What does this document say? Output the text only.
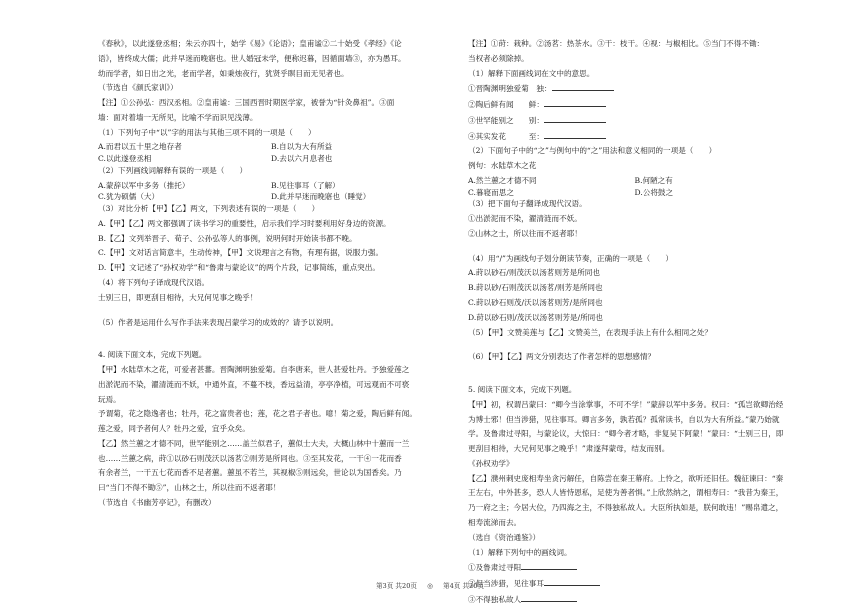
《春秋》，以此遂登丞相；朱云亦四十，始学《易》《论语》；皇甫谧②二十始受《孝经》《论

语》，皆终成大儒；此并早迷而晚寤也。世人婚冠未学，便称迟暮，因循面墙③，亦为愚耳。

幼而学者，如日出之光，老而学者，如秉烛夜行，犹贤乎瞑目而无见者也。

（节选自《颜氏家训》）

【注】①公孙弘：西汉丞相。②皇甫谧：三国西晋时期医学家，被誉为“针灸鼻祖”。③面

墙：面对着墙一无所见，比喻不学而识见浅薄。

（1）下列句子中“以”字的用法与其他三项不同的一项是（　　）

A.而君以五十里之地存者	B.自以为大有所益
C.以此遂登丞相	D.去以六月息者也

（2）下列画线词解释有误的一项是（　　）

A.蒙辞以军中多务（推托）	B.见往事耳（了解）
C.犹为硕儒（大）	D.此并早迷而晚寤也（睡觉）

（3）对比分析【甲】【乙】两文，下列表述有误的一项是（　　）

A.【甲】【乙】两文都强调了读书学习的重要性，启示我们学习时要利用好身边的资源。

B.【乙】文列举晋子、荀子、公孙弘等人的事例，说明何时开始读书都不晚。

C.【甲】文对话言简意丰，生动传神，【甲】文说理言之有物，有理有据，说服力强。

D.【甲】文记述了“孙权劝学”和“鲁肃与蒙论议”的两个片段，记事简练，重点突出。

（4）将下列句子译成现代汉语。

士别三日，即更刮目相待，大兄何见事之晚乎！

（5）作者是运用什么写作手法来表现吕蒙学习的成效的？请予以说明。

4. 阅读下面文本，完成下列题。

【甲】水陆草木之花，可爱者甚蕃。晋陶渊明独爱菊。自李唐来，世人甚爱牡丹。予独爱莲之

出淤泥而不染，濯清涟而不妖，中通外直，不蔓不枝，香远益清，亭亭净植，可远观而不可亵

玩焉。

予谓菊，花之隐逸者也；牡丹，花之富贵者也；莲，花之君子者也。噫！菊之爱，陶后鲜有闻。

莲之爱，同予者何人？牡丹之爱，宜乎众矣。

【乙】然兰蕙之才德不同，世罕能别之……盖兰似君子，蕙似士大夫，大概山林中十蕙而一兰

也……兰蕙之病，莳①以砂石则茂沃以汤茗②则芳是所同也。③至其发花，一干④一花而香

有余者兰，一干五七花而香不足者蕙。蕙虽不若兰，其视椒⑤则远矣，世论以为国香矣。乃

曰“当门不得不锄⑤”，山林之士，所以往而不返者耶！

（节选自《书幽芳亭记》，有删改）

【注】①莳：栽种。②汤茗：热茶水。③干：枝干。④视：与椒相比。⑤当门不得不锄：

当权者必须除掉。

（1）解释下面画线词在文中的意思。

①晋陶渊明独爱菊　独：

②陶后鲜有闻　　鲜：

③世罕能别之　　别：

④其实发花　　　至：

（2）下面句子中的“之”与例句中的“之”用法和意义相同的一项是（　　）

例句：水陆草木之花

A.然兰蕙之才德不同	B.何陋之有
C.暮寝而思之	D.公将鼓之

（3）把下面句子翻译成现代汉语。

①出淤泥而不染，濯清涟而不妖。

②山林之士，所以往而不返者耶！

（4）用“/”为画线句子划分朗读节奏，正确的一项是（　　）

A.莳以砂石/则茂沃以汤茗则芳是所同也

B.莳以砂/石则茂沃以汤茗/则芳是所同也

C.莳以砂石则茂/沃以汤茗则芳/是所同也

D.莳以砂石则/茂沃以汤茗则芳是/所同也

（5）【甲】文赞美莲与【乙】文赞美兰，在表现手法上有什么相同之处？

（6）【甲】【乙】两文分别表达了作者怎样的思想感情？

5. 阅读下面文本，完成下列题。

【甲】初，权谓吕蒙曰：“卿今当涂掌事，不可不学！”蒙辞以军中多务。权曰：“孤岂欲卿治经

为博士邪！但当涉猎，见往事耳。卿言多务，孰若孤？孤常读书，自以为大有所益。”蒙乃始就

学。及鲁肃过寻阳，与蒙论议，大惊曰：“卿今者才略，非复吴下阿蒙！”蒙曰：“士别三日，即

更刮目相待，大兄何见事之晚乎！”肃遂拜蒙母，结友而别。

《孙权劝学》

【乙】濮州刺史庞相寿坐贪污解任，自陈尝在秦王幕府。上怜之，欲听还旧任。魏征谏曰：“秦

王左右，中外甚多，恐人人皆恃恩私，足使为善者惧。”上欣然纳之，谓相寿曰：“我昔为秦王，

乃一府之主；今居大位，乃四海之主，不得独私故人。大臣所执如是，朕何敢违！”赐帛遣之，

相寿流涕而去。

（选自《资治通鉴》）

（1）解释下列句中的画线词。

①及鲁肃过寻阳

②但当涉猎，见往事耳

③不得独私故人

第3页 共20页 ◎ 第4页 共20页
